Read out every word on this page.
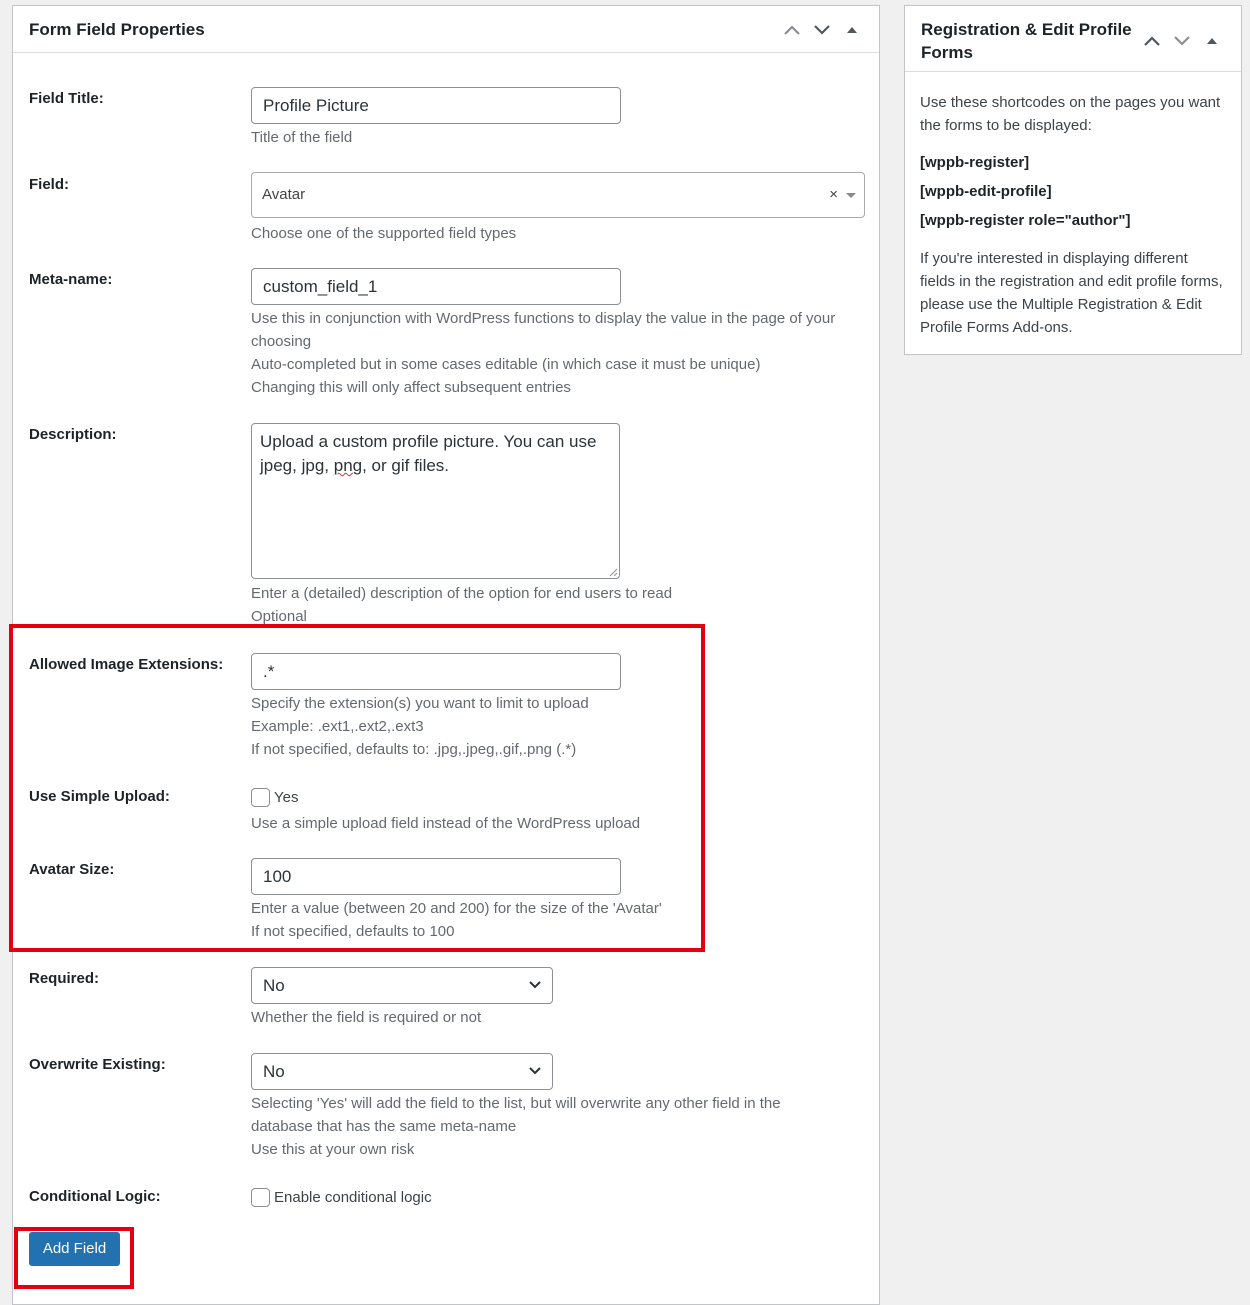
Form Field Properties
Field Title:	Profile Picture
Title of the field
Field:
Avatar	×
Choose one of the supported field types
Meta-name:	custom_field_1
Use this in conjunction with WordPress functions to display the value in the page of your
choosing
Auto-completed but in some cases editable (in which case it must be unique)
Changing this will only affect subsequent entries
Description:	Upload a custom profile picture. You can use
jpeg, jpg, png, or gif files.
Enter a (detailed) description of the option for end users to read
Optional
Allowed Image Extensions:	.*
Specify the extension(s) you want to limit to upload
Example: .ext1,.ext2,.ext3
If not specified, defaults to: .jpg,.jpeg,.gif,.png (.*)
Use Simple Upload:	Yes
Use a simple upload field instead of the WordPress upload
Avatar Size:	100
Enter a value (between 20 and 200) for the size of the 'Avatar'
If not specified, defaults to 100
Required:	No
Whether the field is required or not
Overwrite Existing:	No
Selecting 'Yes' will add the field to the list, but will overwrite any other field in the
database that has the same meta-name
Use this at your own risk
Conditional Logic:	Enable conditional logic
Add Field
Registration & Edit Profile Forms
Use these shortcodes on the pages you want the forms to be displayed:
[wppb-register]
[wppb-edit-profile]
[wppb-register role="author"]
If you're interested in displaying different fields in the registration and edit profile forms, please use the Multiple Registration & Edit Profile Forms Add-ons.
